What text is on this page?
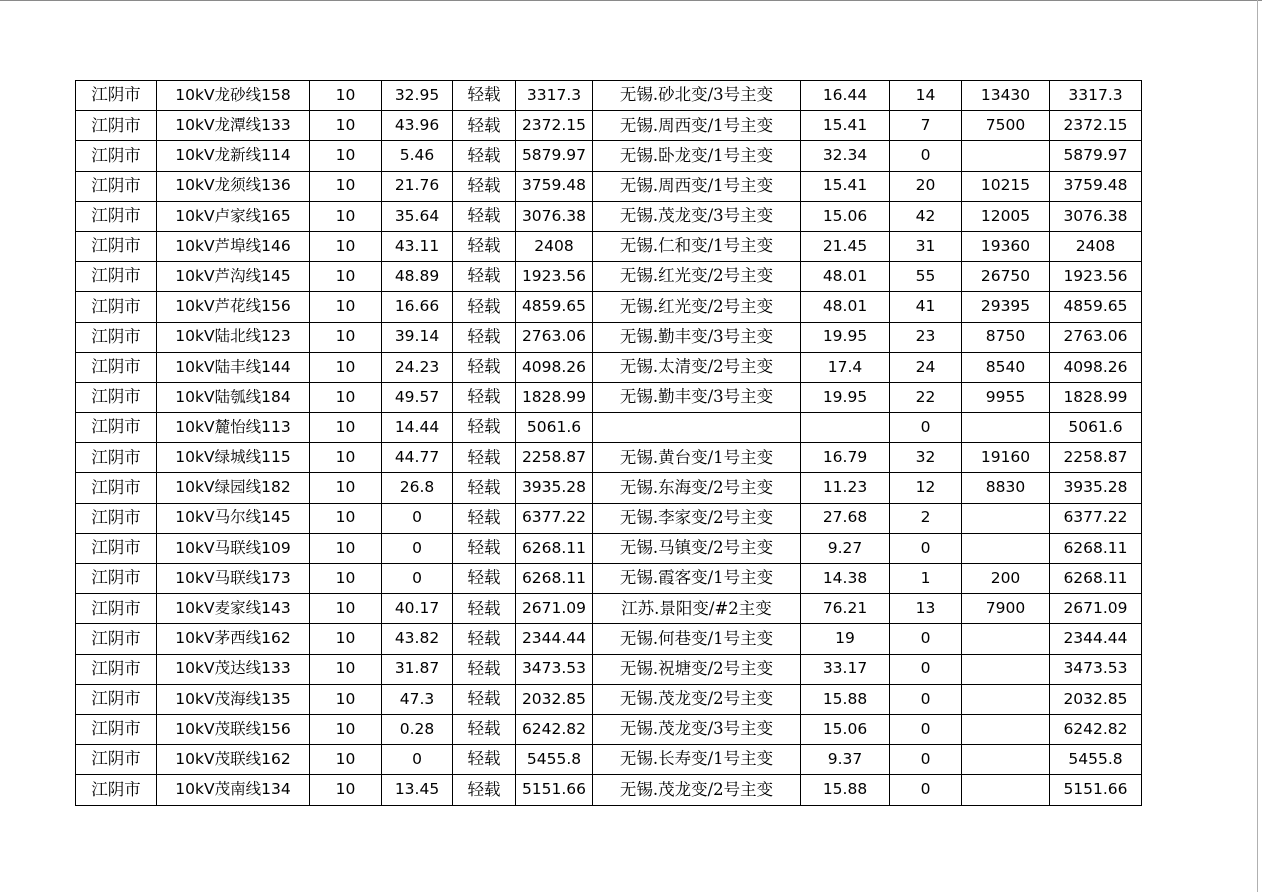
江阴市	10kV龙砂线158	10	32.95	轻载	3317.3	无锡.砂北变/3号主变	16.44	14	13430	3317.3
江阴市	10kV龙潭线133	10	43.96	轻载	2372.15	无锡.周西变/1号主变	15.41	7	7500	2372.15
江阴市	10kV龙新线114	10	5.46	轻载	5879.97	无锡.卧龙变/1号主变	32.34	0		5879.97
江阴市	10kV龙须线136	10	21.76	轻载	3759.48	无锡.周西变/1号主变	15.41	20	10215	3759.48
江阴市	10kV卢家线165	10	35.64	轻载	3076.38	无锡.茂龙变/3号主变	15.06	42	12005	3076.38
江阴市	10kV芦埠线146	10	43.11	轻载	2408	无锡.仁和变/1号主变	21.45	31	19360	2408
江阴市	10kV芦沟线145	10	48.89	轻载	1923.56	无锡.红光变/2号主变	48.01	55	26750	1923.56
江阴市	10kV芦花线156	10	16.66	轻载	4859.65	无锡.红光变/2号主变	48.01	41	29395	4859.65
江阴市	10kV陆北线123	10	39.14	轻载	2763.06	无锡.勤丰变/3号主变	19.95	23	8750	2763.06
江阴市	10kV陆丰线144	10	24.23	轻载	4098.26	无锡.太清变/2号主变	17.4	24	8540	4098.26
江阴市	10kV陆瓠线184	10	49.57	轻载	1828.99	无锡.勤丰变/3号主变	19.95	22	9955	1828.99
江阴市	10kV麓怡线113	10	14.44	轻载	5061.6			0		5061.6
江阴市	10kV绿城线115	10	44.77	轻载	2258.87	无锡.黄台变/1号主变	16.79	32	19160	2258.87
江阴市	10kV绿园线182	10	26.8	轻载	3935.28	无锡.东海变/2号主变	11.23	12	8830	3935.28
江阴市	10kV马尔线145	10	0	轻载	6377.22	无锡.李家变/2号主变	27.68	2		6377.22
江阴市	10kV马联线109	10	0	轻载	6268.11	无锡.马镇变/2号主变	9.27	0		6268.11
江阴市	10kV马联线173	10	0	轻载	6268.11	无锡.霞客变/1号主变	14.38	1	200	6268.11
江阴市	10kV麦家线143	10	40.17	轻载	2671.09	江苏.景阳变/#2主变	76.21	13	7900	2671.09
江阴市	10kV茅西线162	10	43.82	轻载	2344.44	无锡.何巷变/1号主变	19	0		2344.44
江阴市	10kV茂达线133	10	31.87	轻载	3473.53	无锡.祝塘变/2号主变	33.17	0		3473.53
江阴市	10kV茂海线135	10	47.3	轻载	2032.85	无锡.茂龙变/2号主变	15.88	0		2032.85
江阴市	10kV茂联线156	10	0.28	轻载	6242.82	无锡.茂龙变/3号主变	15.06	0		6242.82
江阴市	10kV茂联线162	10	0	轻载	5455.8	无锡.长寿变/1号主变	9.37	0		5455.8
江阴市	10kV茂南线134	10	13.45	轻载	5151.66	无锡.茂龙变/2号主变	15.88	0		5151.66
